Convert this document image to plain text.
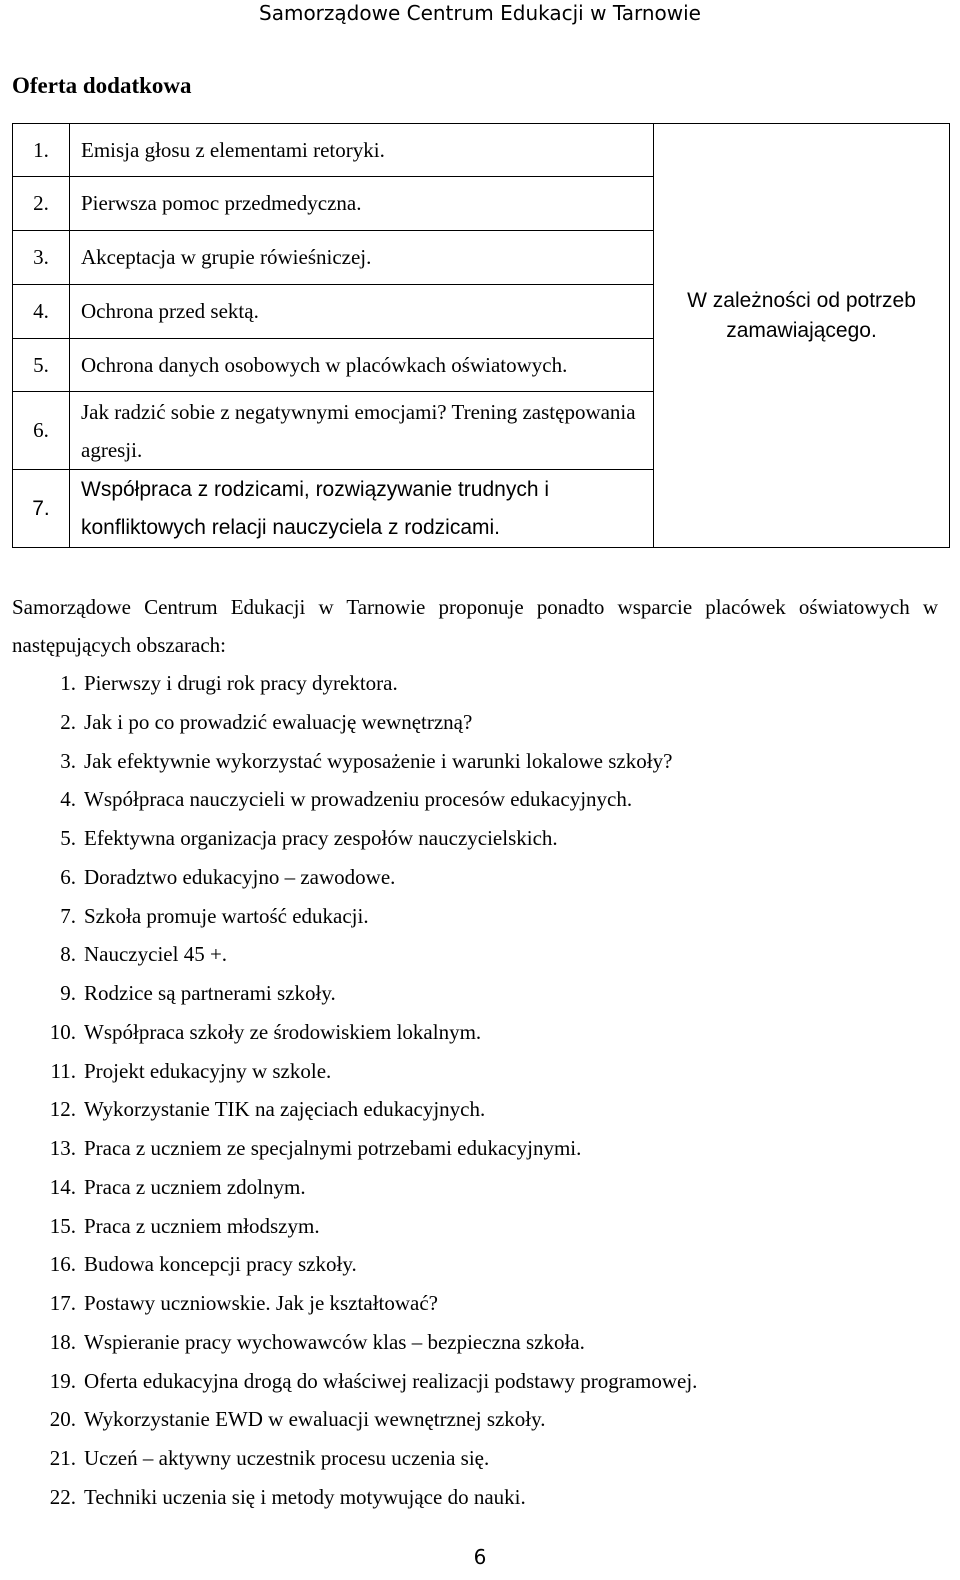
Samorządowe Centrum Edukacji w Tarnowie
Oferta dodatkowa
1.	Emisja głosu z elementami retoryki.	W zależności od potrzeb zamawiającego.
2.	Pierwsza pomoc przedmedyczna.	
3.	Akceptacja w grupie rówieśniczej.	
4.	Ochrona przed sektą.	
5.	Ochrona danych osobowych w placówkach oświatowych.	
6.	Jak radzić sobie z negatywnymi emocjami? Trening zastępowania agresji.	
7.	Współpraca z rodzicami, rozwiązywanie trudnych i konfliktowych relacji nauczyciela z rodzicami.	
Samorządowe Centrum Edukacji w Tarnowie proponuje ponadto wsparcie placówek oświatowych w następujących obszarach:
1. Pierwszy i drugi rok pracy dyrektora.
2. Jak i po co prowadzić ewaluację wewnętrzną?
3. Jak efektywnie wykorzystać wyposażenie i warunki lokalowe szkoły?
4. Współpraca nauczycieli w prowadzeniu procesów edukacyjnych.
5. Efektywna organizacja pracy zespołów nauczycielskich.
6. Doradztwo edukacyjno – zawodowe.
7. Szkoła promuje wartość edukacji.
8. Nauczyciel 45 +.
9. Rodzice są partnerami szkoły.
10. Współpraca szkoły ze środowiskiem lokalnym.
11. Projekt edukacyjny w szkole.
12. Wykorzystanie TIK na zajęciach edukacyjnych.
13. Praca z uczniem ze specjalnymi potrzebami edukacyjnymi.
14. Praca z uczniem zdolnym.
15. Praca z uczniem młodszym.
16. Budowa koncepcji pracy szkoły.
17. Postawy uczniowskie. Jak je kształtować?
18. Wspieranie pracy wychowawców klas – bezpieczna szkoła.
19. Oferta edukacyjna drogą do właściwej realizacji podstawy programowej.
20. Wykorzystanie EWD w ewaluacji wewnętrznej szkoły.
21. Uczeń – aktywny uczestnik procesu uczenia się.
22. Techniki uczenia się i metody motywujące do nauki.
6
